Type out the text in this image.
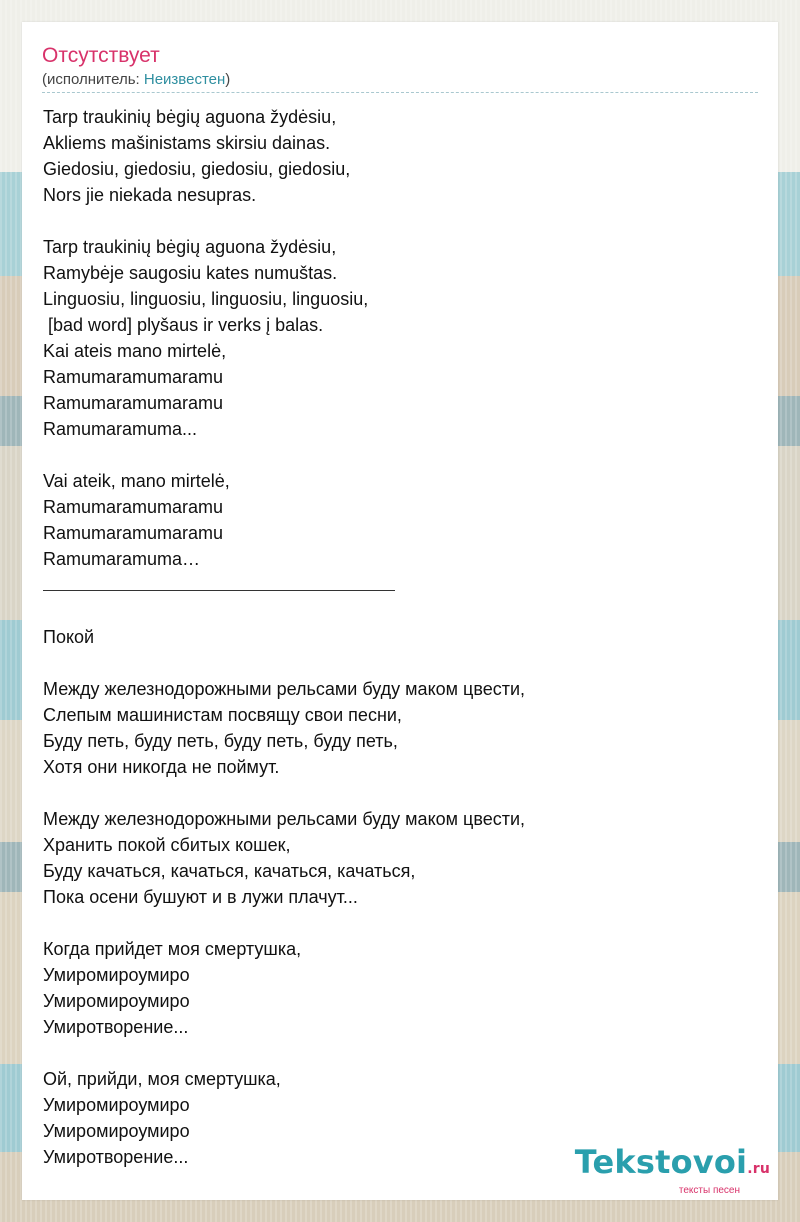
Отсутствует
(исполнитель: Неизвестен)
Tarp traukinių bėgių aguona žydėsiu,
Akliems mašinistams skirsiu dainas.
Giedosiu, giedosiu, giedosiu, giedosiu,
Nors jie niekada nesupras.
Tarp traukinių bėgių aguona žydėsiu,
Ramybėje saugosiu kates numuštas.
Linguosiu, linguosiu, linguosiu, linguosiu,
[bad word] plyšaus ir verks į balas.
Kai ateis mano mirtelė,
Ramumaramumaramu
Ramumaramumaramu
Ramumaramuma...
Vai ateik, mano mirtelė,
Ramumaramumaramu
Ramumaramumaramu
Ramumaramuma…
Покой
Между железнодорожными рельсами буду маком цвести,
Слепым машинистам посвящу свои песни,
Буду петь, буду петь, буду петь, буду петь,
Хотя они никогда не поймут.
Между железнодорожными рельсами буду маком цвести,
Хранить покой сбитых кошек,
Буду качаться, качаться, качаться, качаться,
Пока осени бушуют и в лужи плачут...
Когда прийдет моя смертушка,
Умиромироумиро
Умиромироумиро
Умиротворение...
Ой, прийди, моя смертушка,
Умиромироумиро
Умиромироумиро
Умиротворение...	Tekstovoi.ru
тексты песен
